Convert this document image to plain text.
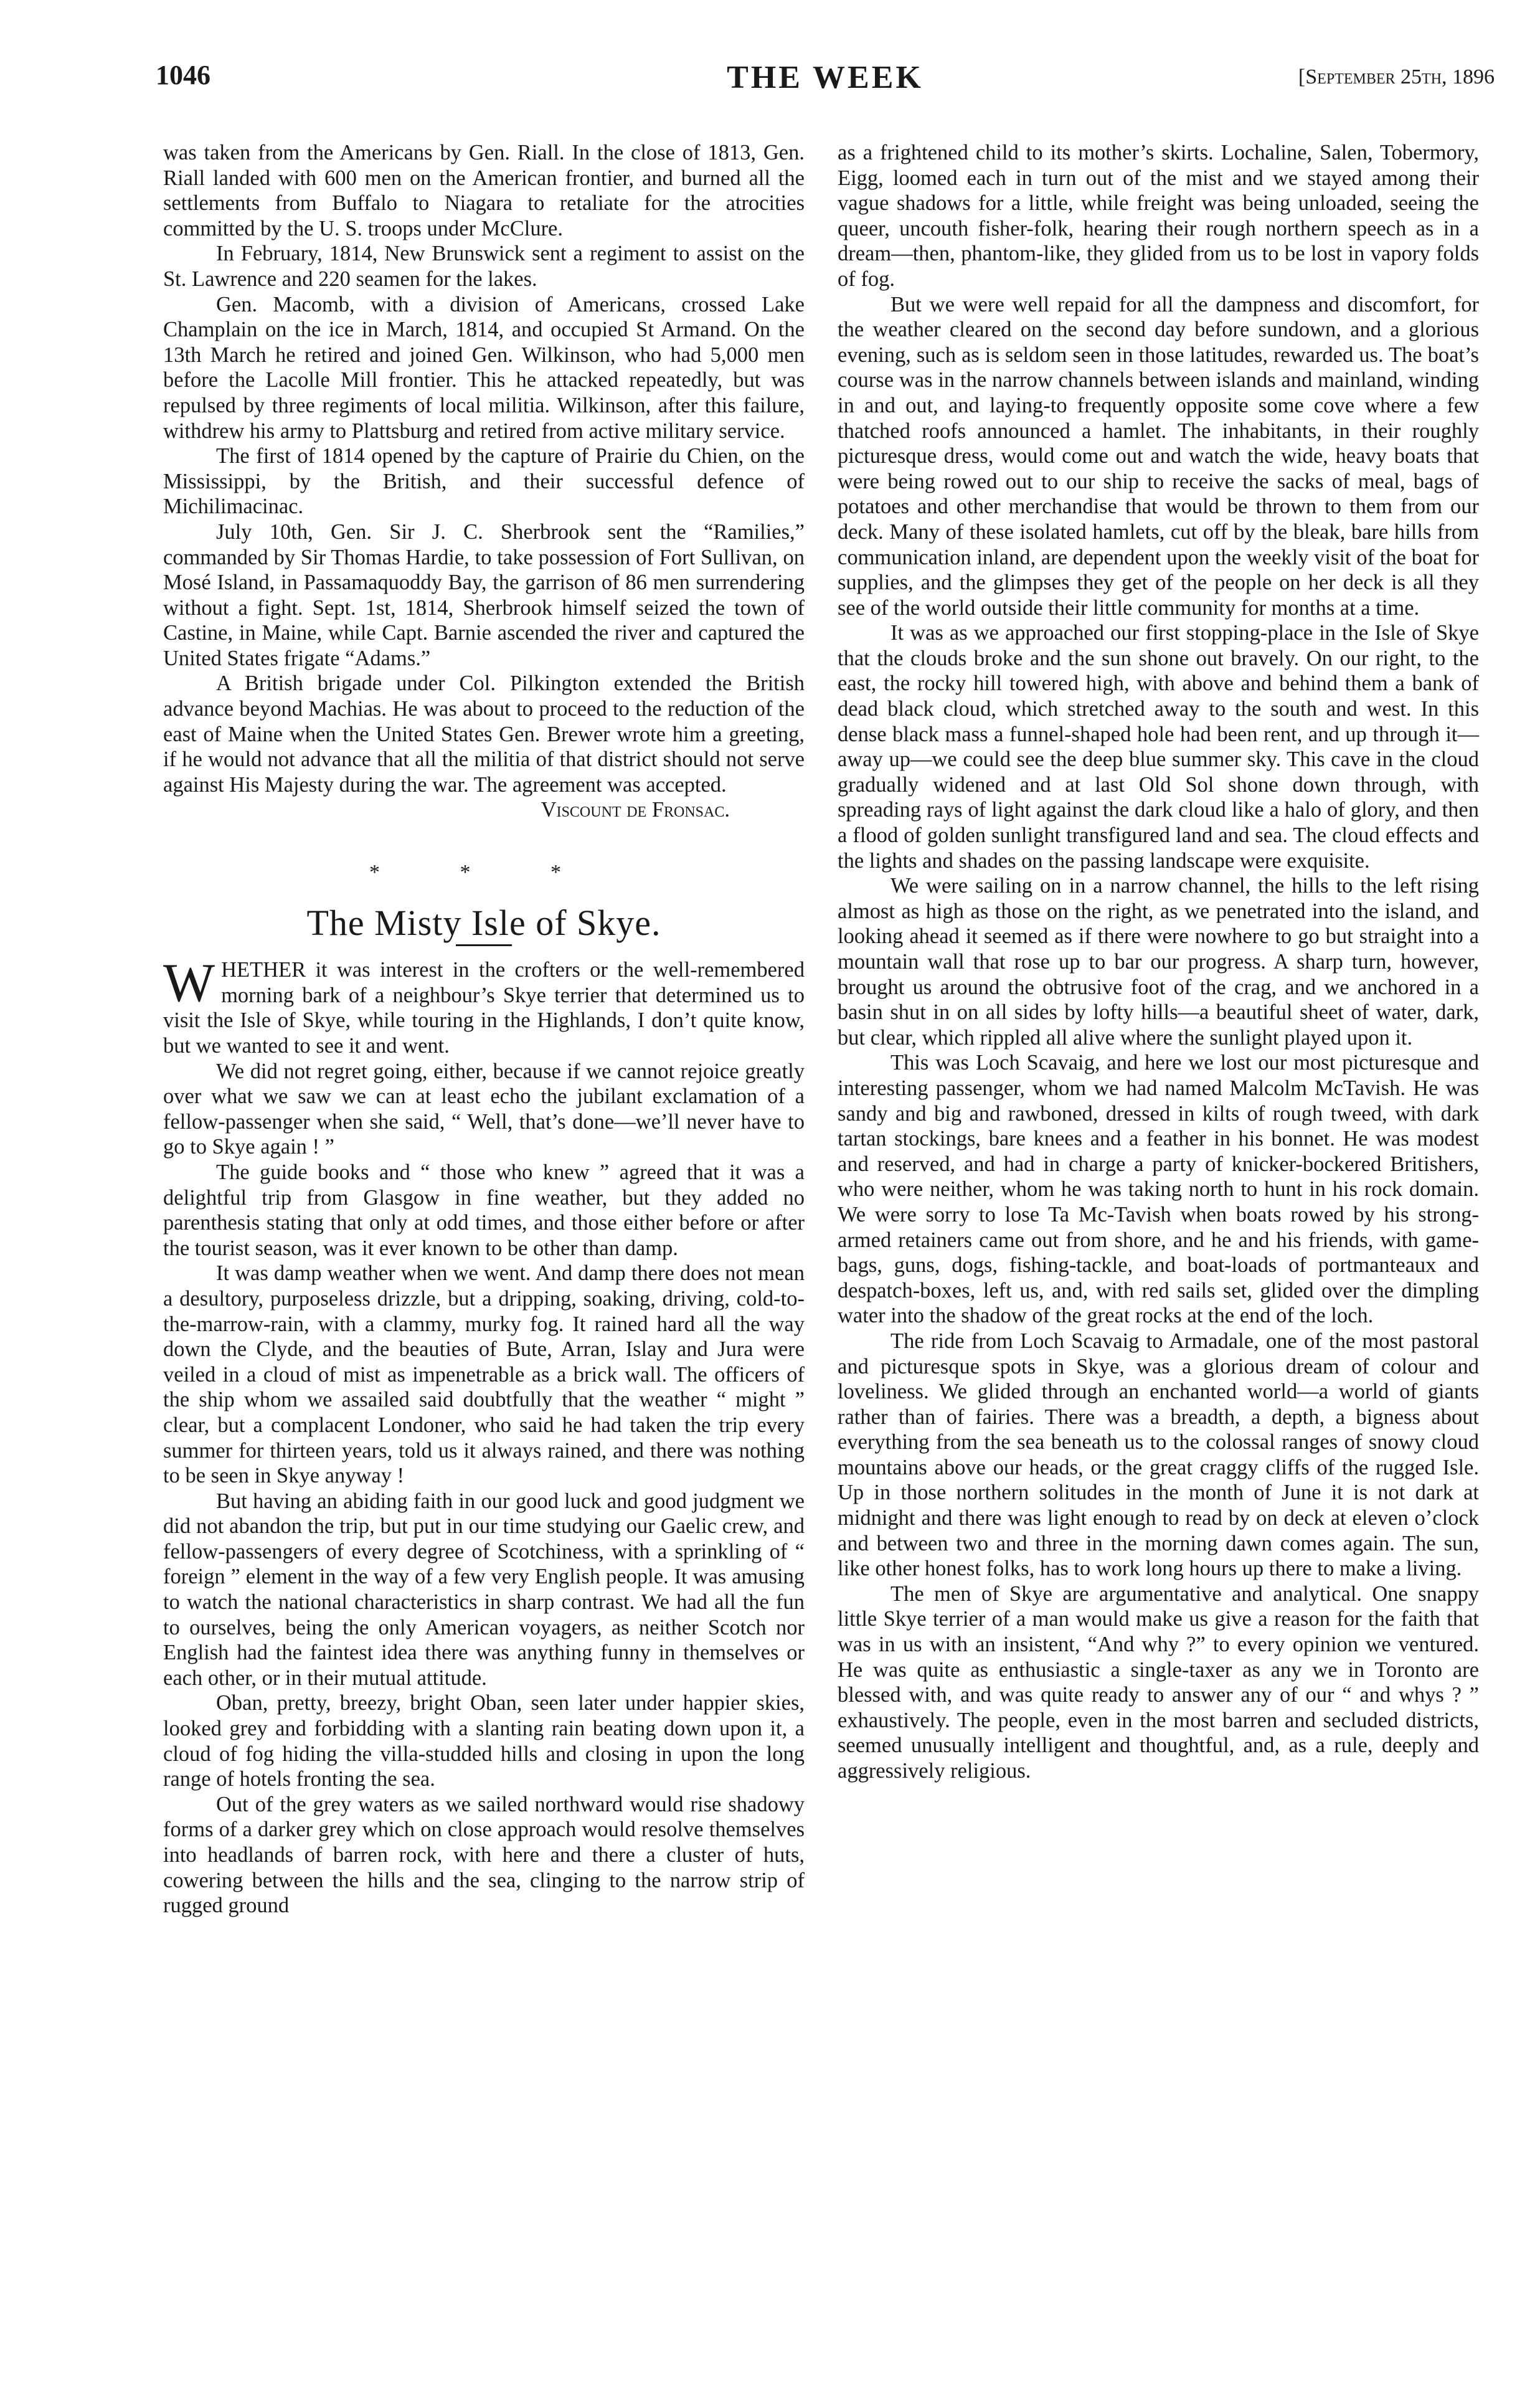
1046	THE WEEK	[September 25th, 1896

was taken from the Americans by Gen. Riall. In the close of 1813, Gen. Riall landed with 600 men on the American frontier, and burned all the settlements from Buffalo to Niagara to retaliate for the atrocities committed by the U. S. troops under McClure.

In February, 1814, New Brunswick sent a regiment to assist on the St. Lawrence and 220 seamen for the lakes.

Gen. Macomb, with a division of Americans, crossed Lake Champlain on the ice in March, 1814, and occupied St Armand. On the 13th March he retired and joined Gen. Wilkinson, who had 5,000 men before the Lacolle Mill frontier. This he attacked repeatedly, but was repulsed by three regiments of local militia. Wilkinson, after this failure, withdrew his army to Plattsburg and retired from active military service.

The first of 1814 opened by the capture of Prairie du Chien, on the Mississippi, by the British, and their successful defence of Michilimacinac.

July 10th, Gen. Sir J. C. Sherbrook sent the “Ramilies,” commanded by Sir Thomas Hardie, to take possession of Fort Sullivan, on Mosé Island, in Passamaquoddy Bay, the garrison of 86 men surrendering without a fight. Sept. 1st, 1814, Sherbrook himself seized the town of Castine, in Maine, while Capt. Barnie ascended the river and captured the United States frigate “Adams.”

A British brigade under Col. Pilkington extended the British advance beyond Machias. He was about to proceed to the reduction of the east of Maine when the United States Gen. Brewer wrote him a greeting, if he would not advance that all the militia of that district should not serve against His Majesty during the war. The agreement was accepted.

Viscount de Fronsac.

* * *
The Misty Isle of Skye.

WHETHER it was interest in the crofters or the well-remembered morning bark of a neighbour’s Skye terrier that determined us to visit the Isle of Skye, while touring in the Highlands, I don’t quite know, but we wanted to see it and went.

We did not regret going, either, because if we cannot rejoice greatly over what we saw we can at least echo the jubilant exclamation of a fellow-passenger when she said, “ Well, that’s done—we’ll never have to go to Skye again ! ”

The guide books and “ those who knew ” agreed that it was a delightful trip from Glasgow in fine weather, but they added no parenthesis stating that only at odd times, and those either before or after the tourist season, was it ever known to be other than damp.

It was damp weather when we went. And damp there does not mean a desultory, purposeless drizzle, but a dripping, soaking, driving, cold-to-the-marrow-rain, with a clammy, murky fog. It rained hard all the way down the Clyde, and the beauties of Bute, Arran, Islay and Jura were veiled in a cloud of mist as impenetrable as a brick wall. The officers of the ship whom we assailed said doubtfully that the weather “ might ” clear, but a complacent Londoner, who said he had taken the trip every summer for thirteen years, told us it always rained, and there was nothing to be seen in Skye anyway !

But having an abiding faith in our good luck and good judgment we did not abandon the trip, but put in our time studying our Gaelic crew, and fellow-passengers of every degree of Scotchiness, with a sprinkling of “ foreign ” element in the way of a few very English people. It was amusing to watch the national characteristics in sharp contrast. We had all the fun to ourselves, being the only American voyagers, as neither Scotch nor English had the faintest idea there was anything funny in themselves or each other, or in their mutual attitude.

Oban, pretty, breezy, bright Oban, seen later under happier skies, looked grey and forbidding with a slanting rain beating down upon it, a cloud of fog hiding the villa-studded hills and closing in upon the long range of hotels fronting the sea.

Out of the grey waters as we sailed northward would rise shadowy forms of a darker grey which on close approach would resolve themselves into headlands of barren rock, with here and there a cluster of huts, cowering between the hills and the sea, clinging to the narrow strip of rugged ground

as a frightened child to its mother’s skirts. Lochaline, Salen, Tobermory, Eigg, loomed each in turn out of the mist and we stayed among their vague shadows for a little, while freight was being unloaded, seeing the queer, uncouth fisher-folk, hearing their rough northern speech as in a dream—then, phantom-like, they glided from us to be lost in vapory folds of fog.

But we were well repaid for all the dampness and discomfort, for the weather cleared on the second day before sundown, and a glorious evening, such as is seldom seen in those latitudes, rewarded us. The boat’s course was in the narrow channels between islands and mainland, winding in and out, and laying-to frequently opposite some cove where a few thatched roofs announced a hamlet. The inhabitants, in their roughly picturesque dress, would come out and watch the wide, heavy boats that were being rowed out to our ship to receive the sacks of meal, bags of potatoes and other merchandise that would be thrown to them from our deck. Many of these isolated hamlets, cut off by the bleak, bare hills from communication inland, are dependent upon the weekly visit of the boat for supplies, and the glimpses they get of the people on her deck is all they see of the world outside their little community for months at a time.

It was as we approached our first stopping-place in the Isle of Skye that the clouds broke and the sun shone out bravely. On our right, to the east, the rocky hill towered high, with above and behind them a bank of dead black cloud, which stretched away to the south and west. In this dense black mass a funnel-shaped hole had been rent, and up through it—away up—we could see the deep blue summer sky. This cave in the cloud gradually widened and at last Old Sol shone down through, with spreading rays of light against the dark cloud like a halo of glory, and then a flood of golden sunlight transfigured land and sea. The cloud effects and the lights and shades on the passing landscape were exquisite.

We were sailing on in a narrow channel, the hills to the left rising almost as high as those on the right, as we penetrated into the island, and looking ahead it seemed as if there were nowhere to go but straight into a mountain wall that rose up to bar our progress. A sharp turn, however, brought us around the obtrusive foot of the crag, and we anchored in a basin shut in on all sides by lofty hills—a beautiful sheet of water, dark, but clear, which rippled all alive where the sunlight played upon it.

This was Loch Scavaig, and here we lost our most picturesque and interesting passenger, whom we had named Malcolm McTavish. He was sandy and big and rawboned, dressed in kilts of rough tweed, with dark tartan stockings, bare knees and a feather in his bonnet. He was modest and reserved, and had in charge a party of knicker-bockered Britishers, who were neither, whom he was taking north to hunt in his rock domain. We were sorry to lose Ta Mc-Tavish when boats rowed by his strong-armed retainers came out from shore, and he and his friends, with game-bags, guns, dogs, fishing-tackle, and boat-loads of portmanteaux and despatch-boxes, left us, and, with red sails set, glided over the dimpling water into the shadow of the great rocks at the end of the loch.

The ride from Loch Scavaig to Armadale, one of the most pastoral and picturesque spots in Skye, was a glorious dream of colour and loveliness. We glided through an enchanted world—a world of giants rather than of fairies. There was a breadth, a depth, a bigness about everything from the sea beneath us to the colossal ranges of snowy cloud mountains above our heads, or the great craggy cliffs of the rugged Isle. Up in those northern solitudes in the month of June it is not dark at midnight and there was light enough to read by on deck at eleven o’clock and between two and three in the morning dawn comes again. The sun, like other honest folks, has to work long hours up there to make a living.

The men of Skye are argumentative and analytical. One snappy little Skye terrier of a man would make us give a reason for the faith that was in us with an insistent, “And why ?” to every opinion we ventured. He was quite as enthusiastic a single-taxer as any we in Toronto are blessed with, and was quite ready to answer any of our “ and whys ? ” exhaustively. The people, even in the most barren and secluded districts, seemed unusually intelligent and thoughtful, and, as a rule, deeply and aggressively religious.
